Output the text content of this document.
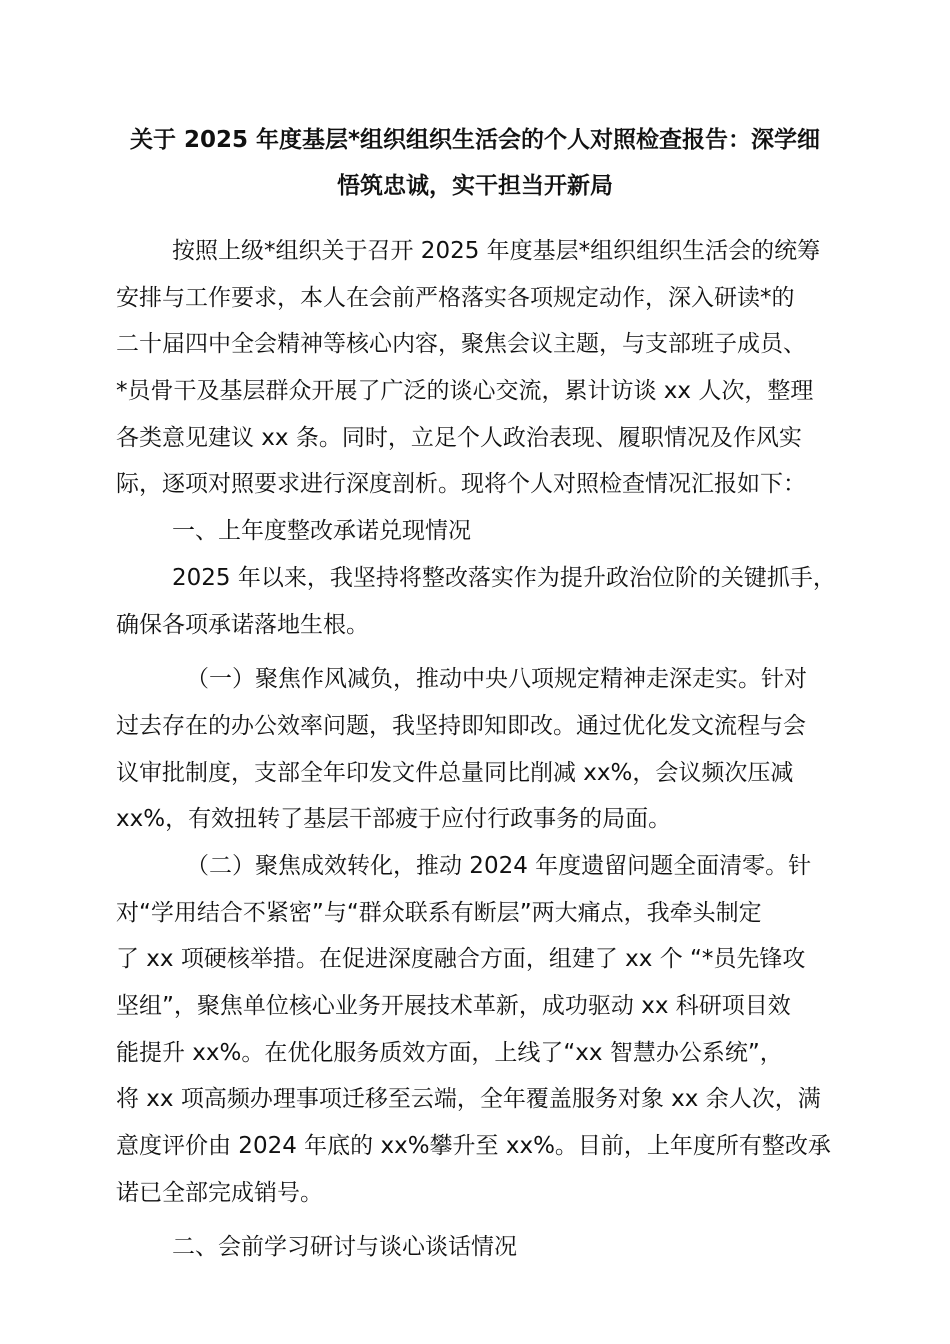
关于 2025 年度基层*组织组织生活会的个人对照检查报告：深学细
悟筑忠诚，实干担当开新局
按照上级*组织关于召开 2025 年度基层*组织组织生活会的统筹
安排与工作要求，本人在会前严格落实各项规定动作，深入研读*的
二十届四中全会精神等核心内容，聚焦会议主题，与支部班子成员、
*员骨干及基层群众开展了广泛的谈心交流，累计访谈 xx 人次，整理
各类意见建议 xx 条。同时，立足个人政治表现、履职情况及作风实
际，逐项对照要求进行深度剖析。现将个人对照检查情况汇报如下：
一、上年度整改承诺兑现情况
2025 年以来，我坚持将整改落实作为提升政治位阶的关键抓手，
确保各项承诺落地生根。
（一）聚焦作风减负，推动中央八项规定精神走深走实。针对
过去存在的办公效率问题，我坚持即知即改。通过优化发文流程与会
议审批制度，支部全年印发文件总量同比削减 xx%，会议频次压减
xx%，有效扭转了基层干部疲于应付行政事务的局面。
（二）聚焦成效转化，推动 2024 年度遗留问题全面清零。针
对“学用结合不紧密”与“群众联系有断层”两大痛点，我牵头制定
了 xx 项硬核举措。在促进深度融合方面，组建了 xx 个 “*员先锋攻
坚组”，聚焦单位核心业务开展技术革新，成功驱动 xx 科研项目效
能提升 xx%。在优化服务质效方面，上线了“xx 智慧办公系统”，
将 xx 项高频办理事项迁移至云端，全年覆盖服务对象 xx 余人次，满
意度评价由 2024 年底的 xx%攀升至 xx%。目前，上年度所有整改承
诺已全部完成销号。
二、会前学习研讨与谈心谈话情况
